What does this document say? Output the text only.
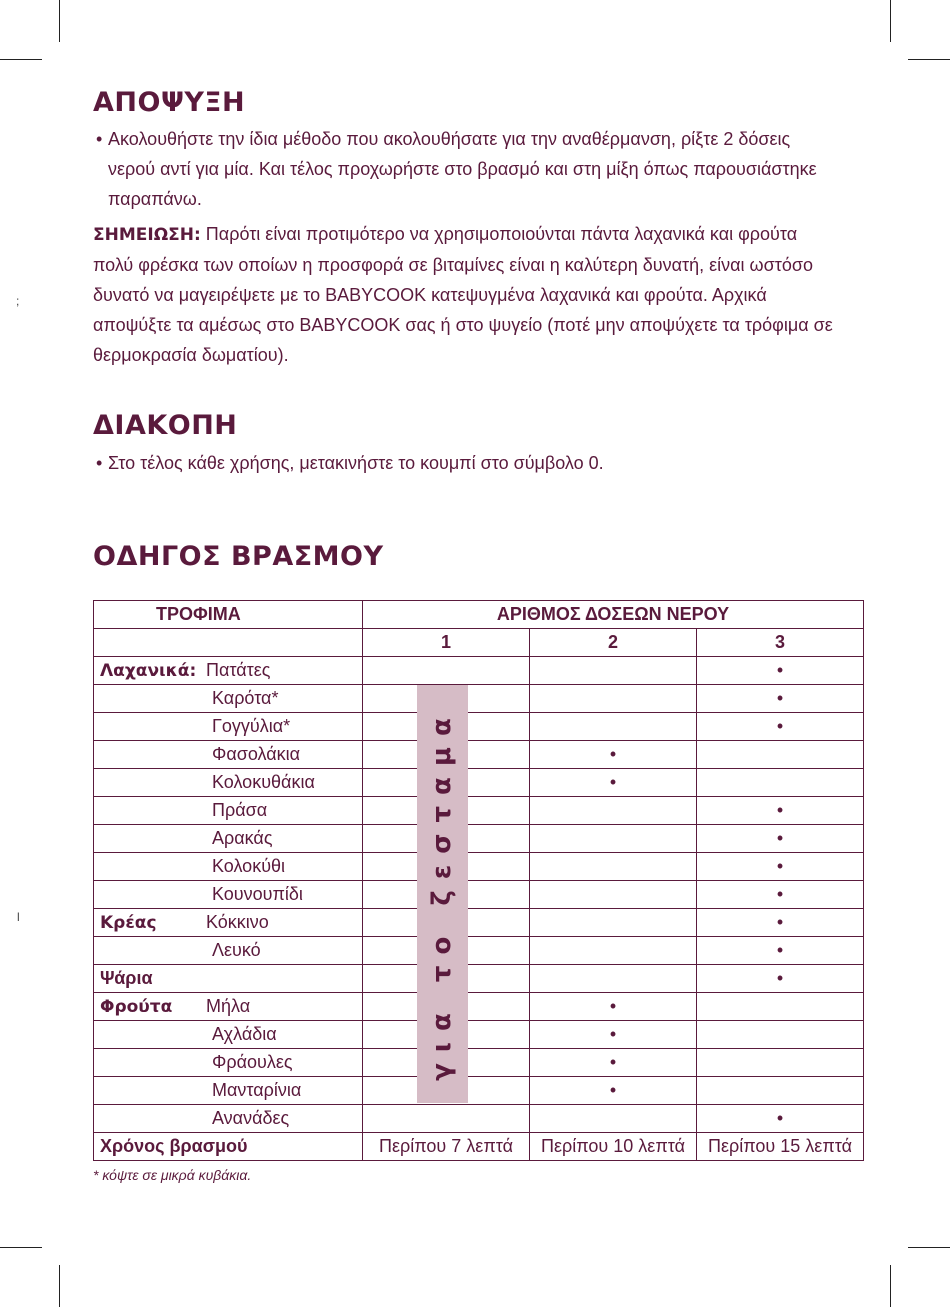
;
l
ΑΠΟΨΥΞΗ
• Ακολουθήστε την ίδια μέθοδο που ακολουθήσατε για την αναθέρμανση, ρίξτε 2 δόσεις
νερού αντί για μία. Και τέλος προχωρήστε στο βρασμό και στη μίξη όπως παρουσιάστηκε
παραπάνω.
ΣΗΜΕΙΩΣΗ: Παρότι είναι προτιμότερο να χρησιμοποιούνται πάντα λαχανικά και φρούτα
πολύ φρέσκα των οποίων η προσφορά σε βιταμίνες είναι η καλύτερη δυνατή, είναι ωστόσο
δυνατό να μαγειρέψετε με το BABYCOOK κατεψυγμένα λαχανικά και φρούτα. Αρχικά
αποψύξτε τα αμέσως στο BABYCOOK σας ή στο ψυγείο (ποτέ μην αποψύχετε τα τρόφιμα σε
θερμοκρασία δωματίου).
ΔΙΑΚΟΠΗ
• Στο τέλος κάθε χρήσης, μετακινήστε το κουμπί στο σύμβολο 0.
ΟΔΗΓΟΣ ΒΡΑΣΜΟΥ
ΤΡΟΦΙΜΑ	ΑΡΙΘΜΟΣ ΔΟΣΕΩΝ ΝΕΡΟΥ		
	1	2	3

Λαχανικά: Πατάτες			•
Καρότα*			•
Γογγύλια*			•
Φασολάκια		•	
Κολοκυθάκια		•	
Πράσα			•
Αρακάς			•
Κολοκύθι			•
Κουνουπίδι			•

Κρέας Κόκκινο			•
Λευκό			•
Ψάρια			•

Φρούτα Μήλα		•	
Αχλάδια		•	
Φράουλες		•	
Μανταρίνια		•	
Ανανάδες			•
Χρόνος βρασμού	Περίπου 7 λεπτά	Περίπου 10 λεπτά	Περίπου 15 λεπτά
για το ζεσταμα
* κόψτε σε μικρά κυβάκια.
